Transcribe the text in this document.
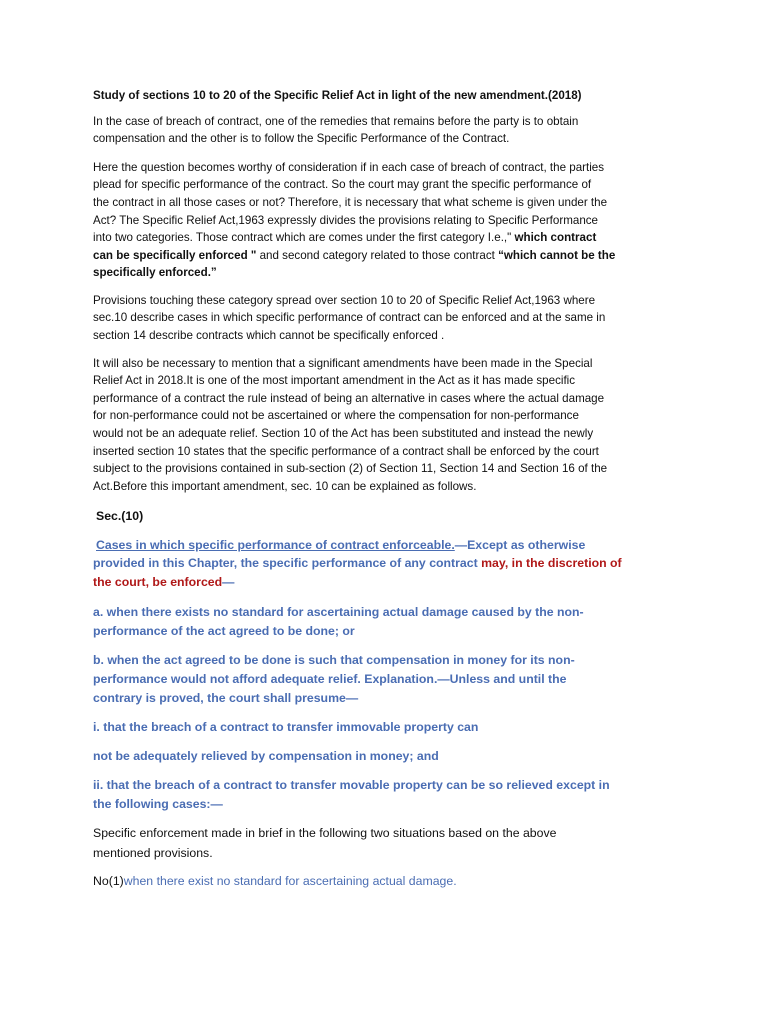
Study of sections 10 to 20 of the Specific Relief Act in light of the new amendment.(2018)
In the case of breach of contract, one of the remedies that remains before the party is to obtain
compensation and the other is to follow the Specific Performance of the Contract.
Here the question becomes worthy of consideration if in each case of breach of contract, the parties
plead for specific performance of the contract. So the court may grant the specific performance of
the contract in all those cases or not? Therefore, it is necessary that what scheme is given under the
Act? The Specific Relief Act,1963 expressly divides the provisions relating to Specific Performance
into two categories. Those contract which are comes under the first category I.e.," which contract
can be specifically enforced " and second category related to those contract “which cannot be the
specifically enforced.”
Provisions touching these category spread over section 10 to 20 of Specific Relief Act,1963 where
sec.10 describe cases in which specific performance of contract can be enforced and at the same in
section 14 describe contracts which cannot be specifically enforced .
It will also be necessary to mention that a significant amendments have been made in the Special
Relief Act in 2018.It is one of the most important amendment in the Act as it has made specific
performance of a contract the rule instead of being an alternative in cases where the actual damage
for non-performance could not be ascertained or where the compensation for non-performance
would not be an adequate relief. Section 10 of the Act has been substituted and instead the newly
inserted section 10 states that the specific performance of a contract shall be enforced by the court
subject to the provisions contained in sub-section (2) of Section 11, Section 14 and Section 16 of the
Act.Before this important amendment, sec. 10 can be explained as follows.
Sec.(10)
Cases in which specific performance of contract enforceable.—Except as otherwise
provided in this Chapter, the specific performance of any contract may, in the discretion of
the court, be enforced—
a. when there exists no standard for ascertaining actual damage caused by the non-
performance of the act agreed to be done; or
b. when the act agreed to be done is such that compensation in money for its non-
performance would not afford adequate relief. Explanation.—Unless and until the
contrary is proved, the court shall presume—
i. that the breach of a contract to transfer immovable property can
not be adequately relieved by compensation in money; and
ii. that the breach of a contract to transfer movable property can be so relieved except in
the following cases:—
Specific enforcement made in brief in the following two situations based on the above
mentioned provisions.
No(1)when there exist no standard for ascertaining actual damage.
